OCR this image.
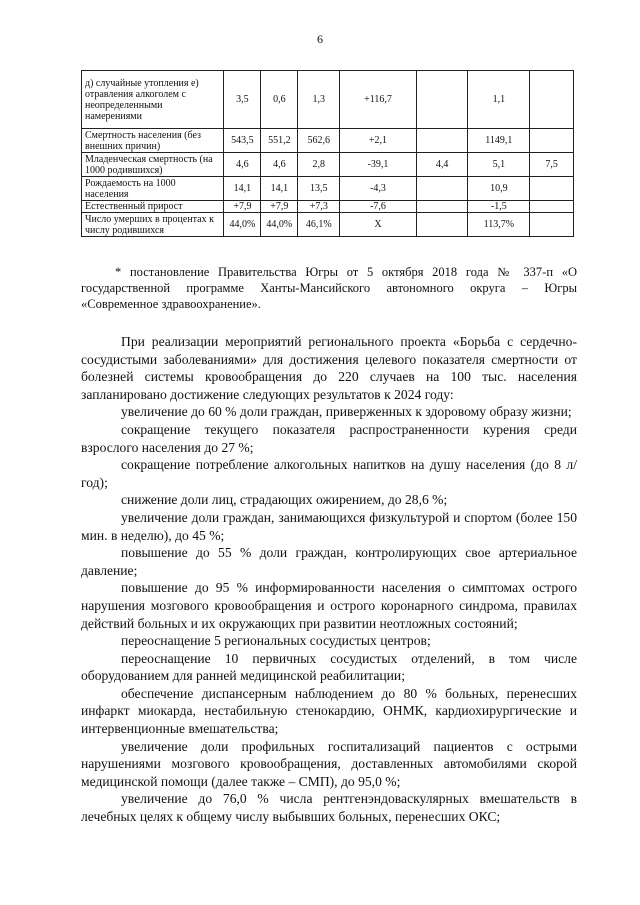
6
д) случайные утопления е) отравления алкоголем с неопределенными намерениями	3,5	0,6	1,3	+116,7		1,1	
Смертность населения (без внешних причин)	543,5	551,2	562,6	+2,1		1149,1	
Младенческая смертность (на 1000 родившихся)	4,6	4,6	2,8	-39,1	4,4	5,1	7,5
Рождаемость на 1000 населения	14,1	14,1	13,5	-4,3		10,9	
Естественный прирост	+7,9	+7,9	+7,3	-7,6		-1,5	
Число умерших в процентах к числу родившихся	44,0%	44,0%	46,1%	X		113,7%	

* постановление Правительства Югры от 5 октября 2018 года № 337-п «О государственной программе Ханты-Мансийского автономного округа – Югры «Современное здравоохранение».

При реализации мероприятий регионального проекта «Борьба с сердечно-сосудистыми заболеваниями» для достижения целевого показателя смертности от болезней системы кровообращения до 220 случаев на 100 тыс. населения запланировано достижение следующих результатов к 2024 году:

увеличение до 60 % доли граждан, приверженных к здоровому образу жизни;

сокращение текущего показателя распространенности курения среди взрослого населения до 27 %;

сокращение потребление алкогольных напитков на душу населения (до 8 л/год);

снижение доли лиц, страдающих ожирением, до 28,6 %;

увеличение доли граждан, занимающихся физкультурой и спортом (более 150 мин. в неделю), до 45 %;

повышение до 55 % доли граждан, контролирующих свое артериальное давление;

повышение до 95 % информированности населения о симптомах острого нарушения мозгового кровообращения и острого коронарного синдрома, правилах действий больных и их окружающих при развитии неотложных состояний;

переоснащение 5 региональных сосудистых центров;

переоснащение 10 первичных сосудистых отделений, в том числе оборудованием для ранней медицинской реабилитации;

обеспечение диспансерным наблюдением до 80 % больных, перенесших инфаркт миокарда, нестабильную стенокардию, ОНМК, кардиохирургические и интервенционные вмешательства;

увеличение доли профильных госпитализаций пациентов с острыми нарушениями мозгового кровообращения, доставленных автомобилями скорой медицинской помощи (далее также – СМП), до 95,0 %;

увеличение до 76,0 % числа рентгенэндоваскулярных вмешательств в лечебных целях к общему числу выбывших больных, перенесших ОКС;
